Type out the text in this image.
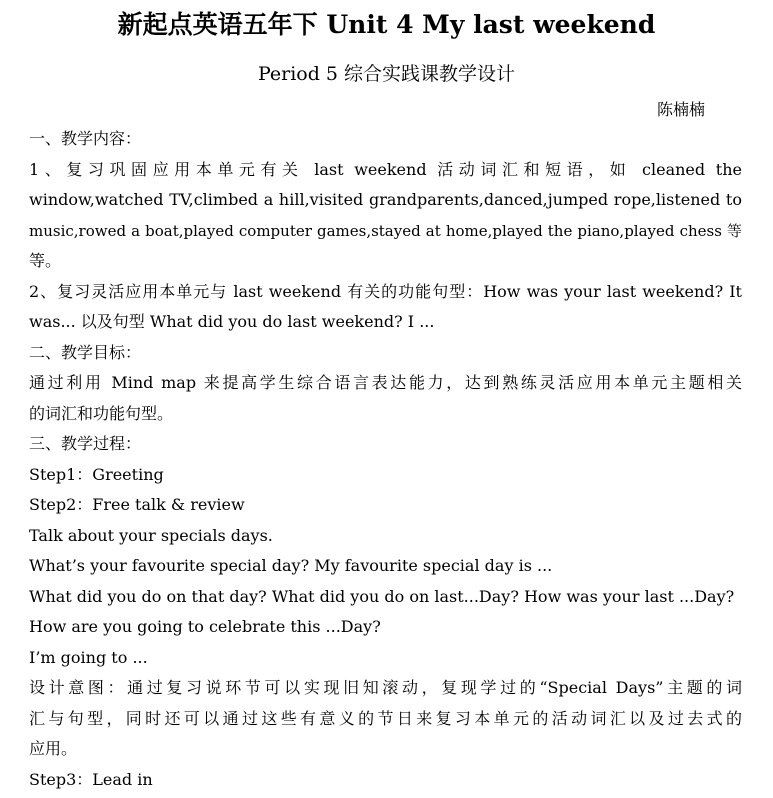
新起点英语五年下 Unit 4 My last weekend
Period 5 综合实践课教学设计
陈楠楠
一、教学内容：
1、复习巩固应用本单元有关 last weekend 活动词汇和短语，如 cleaned the
window,watched TV,climbed a hill,visited grandparents,danced,jumped rope,listened to
music,rowed a boat,played computer games,stayed at home,played the piano,played chess 等
等。
2、复习灵活应用本单元与 last weekend 有关的功能句型：How was your last weekend? It
was... 以及句型 What did you do last weekend? I ...
二、教学目标：
通过利用 Mind map 来提高学生综合语言表达能力，达到熟练灵活应用本单元主题相关
的词汇和功能句型。
三、教学过程：
Step1：Greeting
Step2：Free talk & review
Talk about your specials days.
What’s your favourite special day? My favourite special day is ...
What did you do on that day? What did you do on last...Day? How was your last ...Day?
How are you going to celebrate this ...Day?
I’m going to ...
设计意图：通过复习说环节可以实现旧知滚动，复现学过的“Special Days”主题的词
汇与句型，同时还可以通过这些有意义的节日来复习本单元的活动词汇以及过去式的
应用。
Step3：Lead in
